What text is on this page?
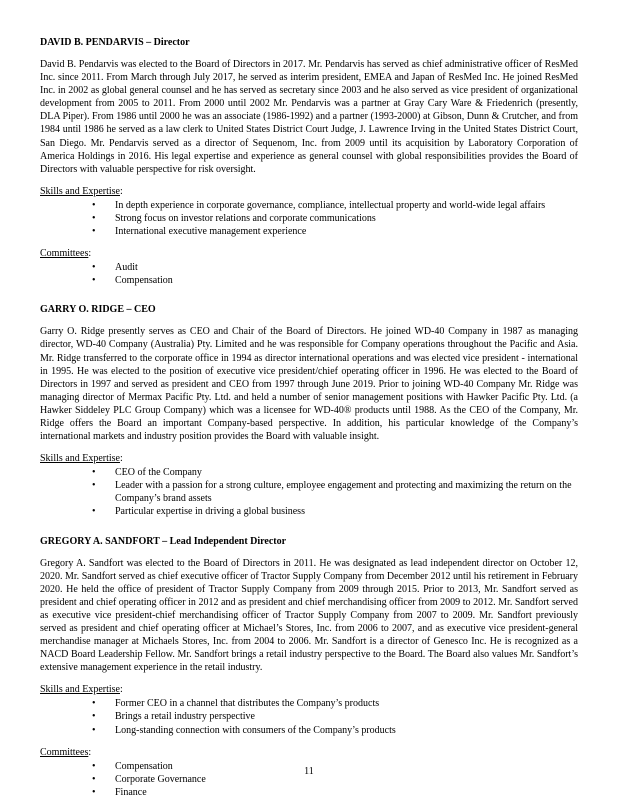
DAVID B. PENDARVIS – Director

David B. Pendarvis was elected to the Board of Directors in 2017. Mr. Pendarvis has served as chief administrative officer of ResMed Inc. since 2011. From March through July 2017, he served as interim president, EMEA and Japan of ResMed Inc. He joined ResMed Inc. in 2002 as global general counsel and he has served as secretary since 2003 and he also served as vice president of organizational development from 2005 to 2011. From 2000 until 2002 Mr. Pendarvis was a partner at Gray Cary Ware & Friedenrich (presently, DLA Piper). From 1986 until 2000 he was an associate (1986-1992) and a partner (1993-2000) at Gibson, Dunn & Crutcher, and from 1984 until 1986 he served as a law clerk to United States District Court Judge, J. Lawrence Irving in the United States District Court, San Diego. Mr. Pendarvis served as a director of Sequenom, Inc. from 2009 until its acquisition by Laboratory Corporation of America Holdings in 2016. His legal expertise and experience as general counsel with global responsibilities provides the Board of Directors with valuable perspective for risk oversight.

Skills and Expertise:
• In depth experience in corporate governance, compliance, intellectual property and world-wide legal affairs
• Strong focus on investor relations and corporate communications
• International executive management experience
Committees:
• Audit
• Compensation
GARRY O. RIDGE – CEO

Garry O. Ridge presently serves as CEO and Chair of the Board of Directors. He joined WD-40 Company in 1987 as managing director, WD-40 Company (Australia) Pty. Limited and he was responsible for Company operations throughout the Pacific and Asia. Mr. Ridge transferred to the corporate office in 1994 as director international operations and was elected vice president - international in 1995. He was elected to the position of executive vice president/chief operating officer in 1996. He was elected to the Board of Directors in 1997 and served as president and CEO from 1997 through June 2019. Prior to joining WD-40 Company Mr. Ridge was managing director of Mermax Pacific Pty. Ltd. and held a number of senior management positions with Hawker Pacific Pty. Ltd. (a Hawker Siddeley PLC Group Company) which was a licensee for WD-40® products until 1988. As the CEO of the Company, Mr. Ridge offers the Board an important Company-based perspective. In addition, his particular knowledge of the Company’s international markets and industry position provides the Board with valuable insight.

Skills and Expertise:
• CEO of the Company
• Leader with a passion for a strong culture, employee engagement and protecting and maximizing the return on the Company’s brand assets
• Particular expertise in driving a global business
GREGORY A. SANDFORT – Lead Independent Director

Gregory A. Sandfort was elected to the Board of Directors in 2011. He was designated as lead independent director on October 12, 2020. Mr. Sandfort served as chief executive officer of Tractor Supply Company from December 2012 until his retirement in February 2020. He held the office of president of Tractor Supply Company from 2009 through 2015. Prior to 2013, Mr. Sandfort served as president and chief operating officer in 2012 and as president and chief merchandising officer from 2009 to 2012. Mr. Sandfort served as executive vice president-chief merchandising officer of Tractor Supply Company from 2007 to 2009. Mr. Sandfort previously served as president and chief operating officer at Michael’s Stores, Inc. from 2006 to 2007, and as executive vice president-general merchandise manager at Michaels Stores, Inc. from 2004 to 2006. Mr. Sandfort is a director of Genesco Inc. He is recognized as a NACD Board Leadership Fellow. Mr. Sandfort brings a retail industry perspective to the Board. The Board also values Mr. Sandfort’s extensive management experience in the retail industry.

Skills and Expertise:
• Former CEO in a channel that distributes the Company’s products
• Brings a retail industry perspective
• Long-standing connection with consumers of the Company’s products
Committees:
• Compensation
• Corporate Governance
• Finance
11
